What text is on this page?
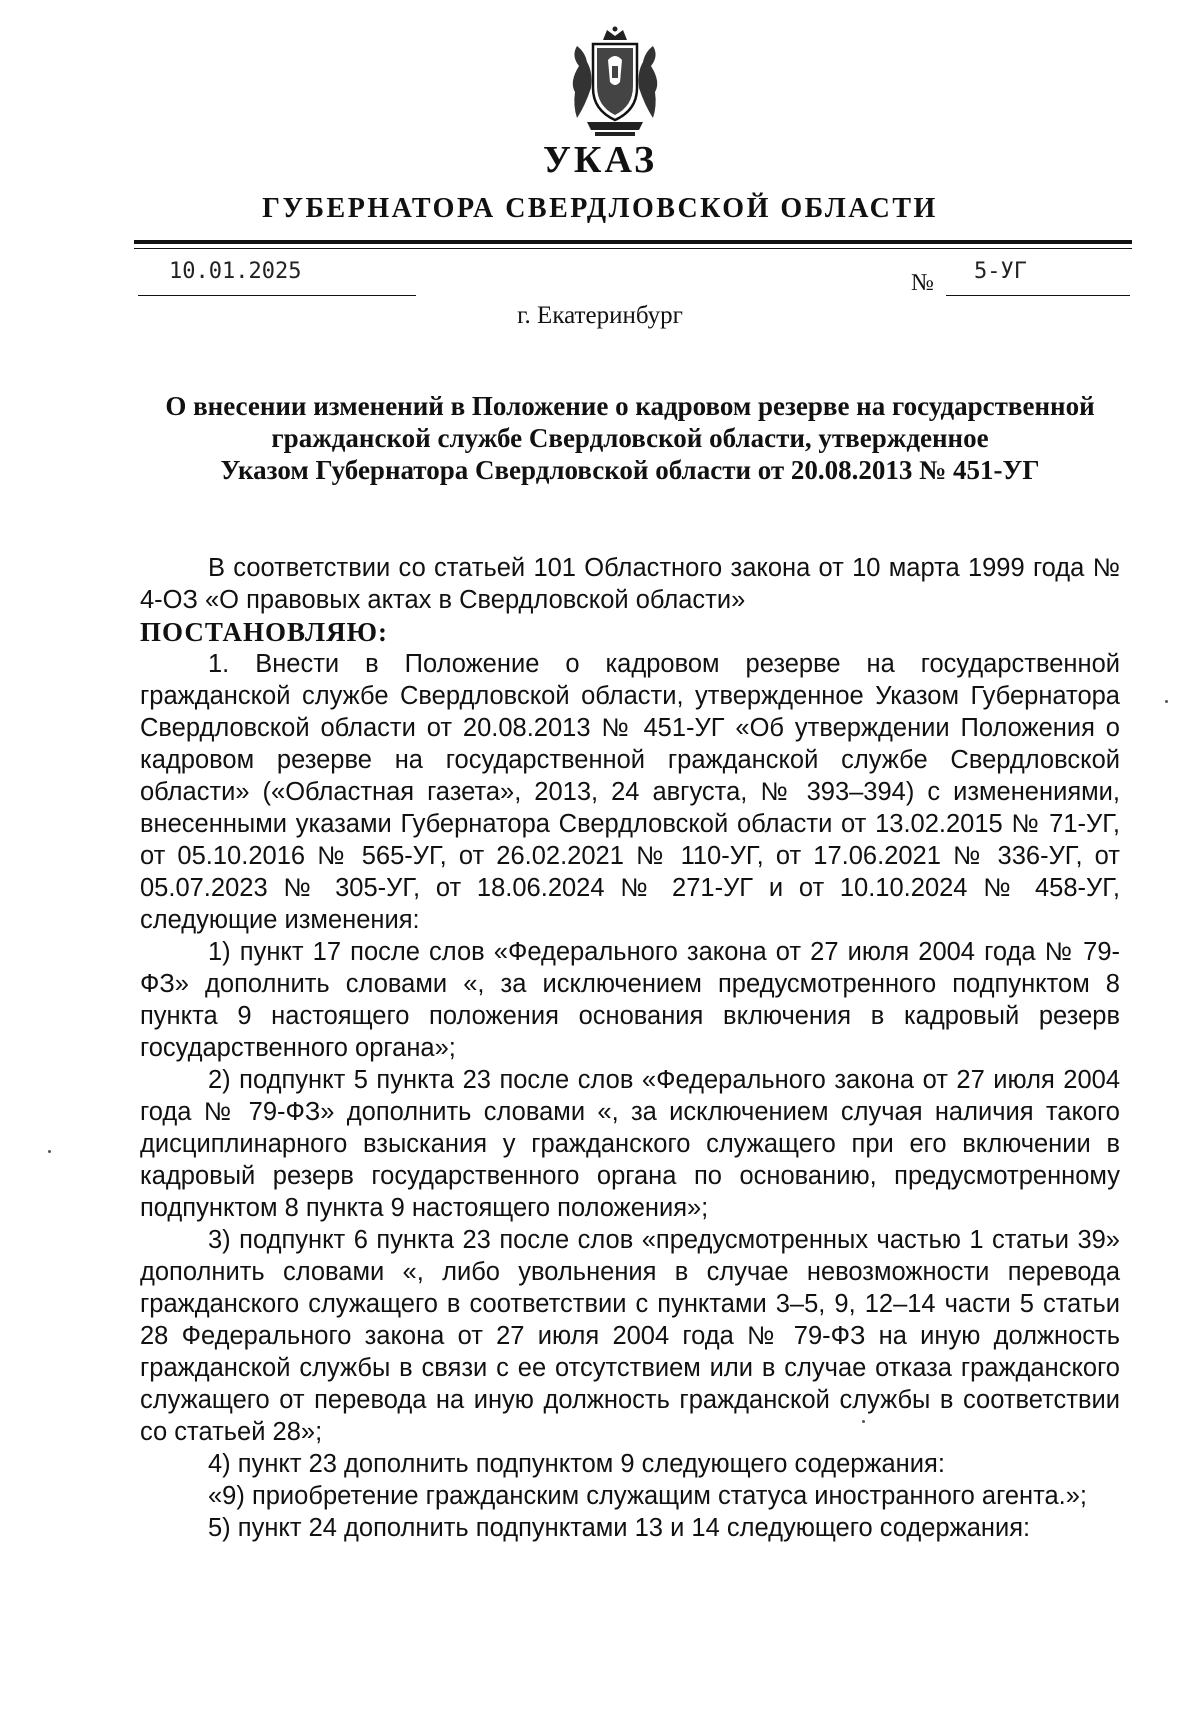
УКАЗ
ГУБЕРНАТОРА СВЕРДЛОВСКОЙ ОБЛАСТИ
10.01.2025	№ 5-УГ
г. Екатеринбург
О внесении изменений в Положение о кадровом резерве на государственной
гражданской службе Свердловской области, утвержденное
Указом Губернатора Свердловской области от 20.08.2013 № 451-УГ

В соответствии со статьей 101 Областного закона от 10 марта 1999 года № 4-ОЗ «О правовых актах в Свердловской области»

ПОСТАНОВЛЯЮ:

1. Внести в Положение о кадровом резерве на государственной гражданской службе Свердловской области, утвержденное Указом Губернатора Свердловской области от 20.08.2013 № 451-УГ «Об утверждении Положения о кадровом резерве на государственной гражданской службе Свердловской области» («Областная газета», 2013, 24 августа, № 393–394) с изменениями, внесенными указами Губернатора Свердловской области от 13.02.2015 № 71-УГ, от 05.10.2016 № 565-УГ, от 26.02.2021 № 110-УГ, от 17.06.2021 № 336-УГ, от 05.07.2023 № 305-УГ, от 18.06.2024 № 271-УГ и от 10.10.2024 № 458-УГ, следующие изменения:

1) пункт 17 после слов «Федерального закона от 27 июля 2004 года № 79-ФЗ» дополнить словами «, за исключением предусмотренного подпунктом 8 пункта 9 настоящего положения основания включения в кадровый резерв государственного органа»;

2) подпункт 5 пункта 23 после слов «Федерального закона от 27 июля 2004 года № 79-ФЗ» дополнить словами «, за исключением случая наличия такого дисциплинарного взыскания у гражданского служащего при его включении в кадровый резерв государственного органа по основанию, предусмотренному подпунктом 8 пункта 9 настоящего положения»;

3) подпункт 6 пункта 23 после слов «предусмотренных частью 1 статьи 39» дополнить словами «, либо увольнения в случае невозможности перевода гражданского служащего в соответствии с пунктами 3–5, 9, 12–14 части 5 статьи 28 Федерального закона от 27 июля 2004 года № 79-ФЗ на иную должность гражданской службы в связи с ее отсутствием или в случае отказа гражданского служащего от перевода на иную должность гражданской службы в соответствии со статьей 28»;

4) пункт 23 дополнить подпунктом 9 следующего содержания:

«9) приобретение гражданским служащим статуса иностранного агента.»;

5) пункт 24 дополнить подпунктами 13 и 14 следующего содержания:
